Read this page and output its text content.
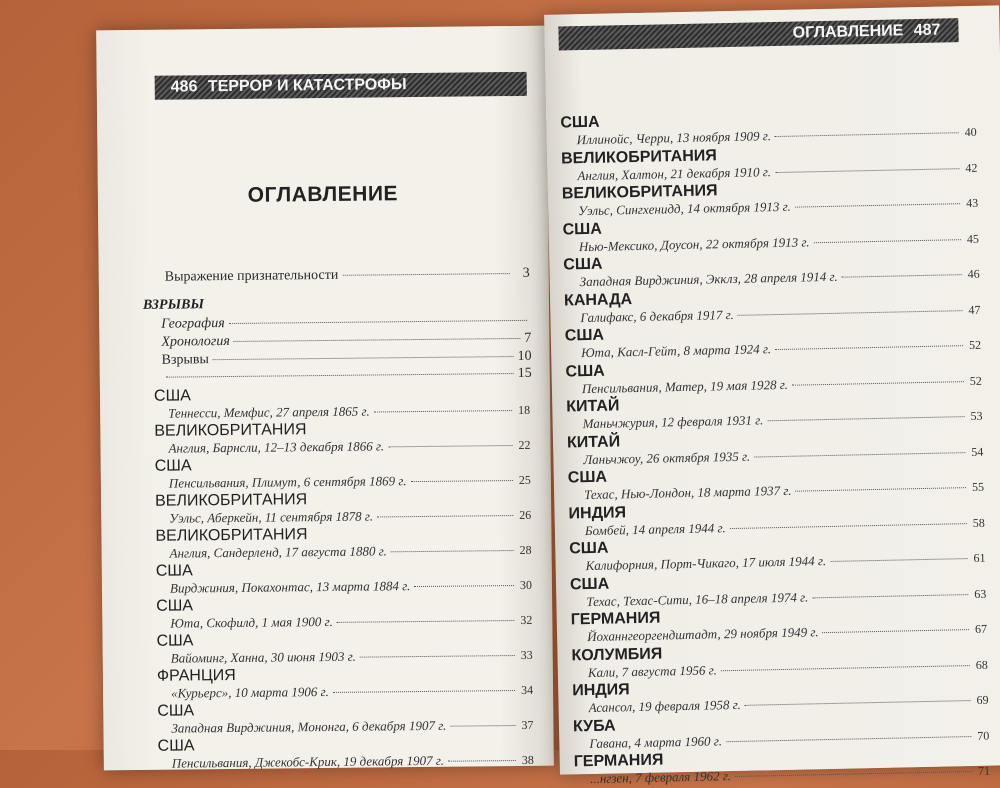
486 ТЕРРОР И КАТАСТРОФЫ
ОГЛАВЛЕНИЕ
Выражение признательности	3
ВЗРЫВЫ
География
Хронология	7
Взрывы	10
15
США
Теннесси, Мемфис, 27 апреля 1865 г.	18
ВЕЛИКОБРИТАНИЯ
Англия, Барнсли, 12–13 декабря 1866 г.	22
США
Пенсильвания, Плимут, 6 сентября 1869 г.	25
ВЕЛИКОБРИТАНИЯ
Уэльс, Аберкейн, 11 сентября 1878 г.	26
ВЕЛИКОБРИТАНИЯ
Англия, Сандерленд, 17 августа 1880 г.	28
США
Вирджиния, Покахонтас, 13 марта 1884 г.	30
США
Юта, Скофилд, 1 мая 1900 г.	32
США
Вайоминг, Ханна, 30 июня 1903 г.	33
ФРАНЦИЯ
«Курьерс», 10 марта 1906 г.	34
США
Западная Вирджиния, Мононга, 6 декабря 1907 г.	37
США
Пенсильвания, Джекобс-Крик, 19 декабря 1907 г.	38
ОГЛАВЛЕНИЕ 487
США
Иллинойс, Черри, 13 ноября 1909 г.	40
ВЕЛИКОБРИТАНИЯ
Англия, Халтон, 21 декабря 1910 г.	42
ВЕЛИКОБРИТАНИЯ
Уэльс, Сингхенидд, 14 октября 1913 г.	43
США
Нью-Мексико, Доусон, 22 октября 1913 г.	45
США
Западная Вирджиния, Экклз, 28 апреля 1914 г.	46
КАНАДА
Галифакс, 6 декабря 1917 г.	47
США
Юта, Касл-Гейт, 8 марта 1924 г.	52
США
Пенсильвания, Матер, 19 мая 1928 г.	52
КИТАЙ
Маньчжурия, 12 февраля 1931 г.	53
КИТАЙ
Ланьчжоу, 26 октября 1935 г.	54
США
Техас, Нью-Лондон, 18 марта 1937 г.	55
ИНДИЯ
Бомбей, 14 апреля 1944 г.	58
США
Калифорния, Порт-Чикаго, 17 июля 1944 г.	61
США
Техас, Техас-Сити, 16–18 апреля 1974 г.	63
ГЕРМАНИЯ
Йоханнгеоргендштадт, 29 ноября 1949 г.	67
КОЛУМБИЯ
Кали, 7 августа 1956 г.	68
ИНДИЯ
Асансол, 19 февраля 1958 г.	69
КУБА
Гавана, 4 марта 1960 г.	70
ГЕРМАНИЯ
...нгзен, 7 февраля 1962 г.	71
